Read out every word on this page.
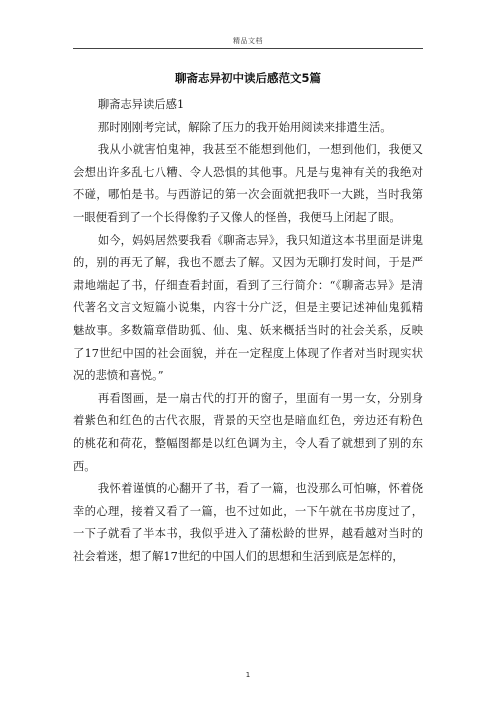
精品文档
聊斋志异初中读后感范文5篇

聊斋志异读后感1

那时刚刚考完试，解除了压力的我开始用阅读来排遣生活。

我从小就害怕鬼神，我甚至不能想到他们，一想到他们，我便又会想出许多乱七八糟、令人恐惧的其他事。凡是与鬼神有关的我绝对不碰，哪怕是书。与西游记的第一次会面就把我吓一大跳，当时我第一眼便看到了一个长得像豹子又像人的怪兽，我便马上闭起了眼。

如今，妈妈居然要我看《聊斋志异》，我只知道这本书里面是讲鬼的，别的再无了解，我也不愿去了解。又因为无聊打发时间，于是严肃地端起了书，仔细查看封面，看到了三行简介：“《聊斋志异》是清代著名文言文短篇小说集，内容十分广泛，但是主要记述神仙鬼狐精魅故事。多数篇章借助狐、仙、鬼、妖来概括当时的社会关系，反映了17世纪中国的社会面貌，并在一定程度上体现了作者对当时现实状况的悲愤和喜悦。”

再看图画，是一扇古代的打开的窗子，里面有一男一女，分别身着紫色和红色的古代衣服，背景的天空也是暗血红色，旁边还有粉色的桃花和荷花，整幅图都是以红色调为主，令人看了就想到了别的东西。

我怀着谨慎的心翻开了书，看了一篇，也没那么可怕嘛，怀着侥幸的心理，接着又看了一篇，也不过如此，一下午就在书房度过了，一下子就看了半本书，我似乎进入了蒲松龄的世界，越看越对当时的社会着迷，想了解17世纪的中国人们的思想和生活到底是怎样的，

1
